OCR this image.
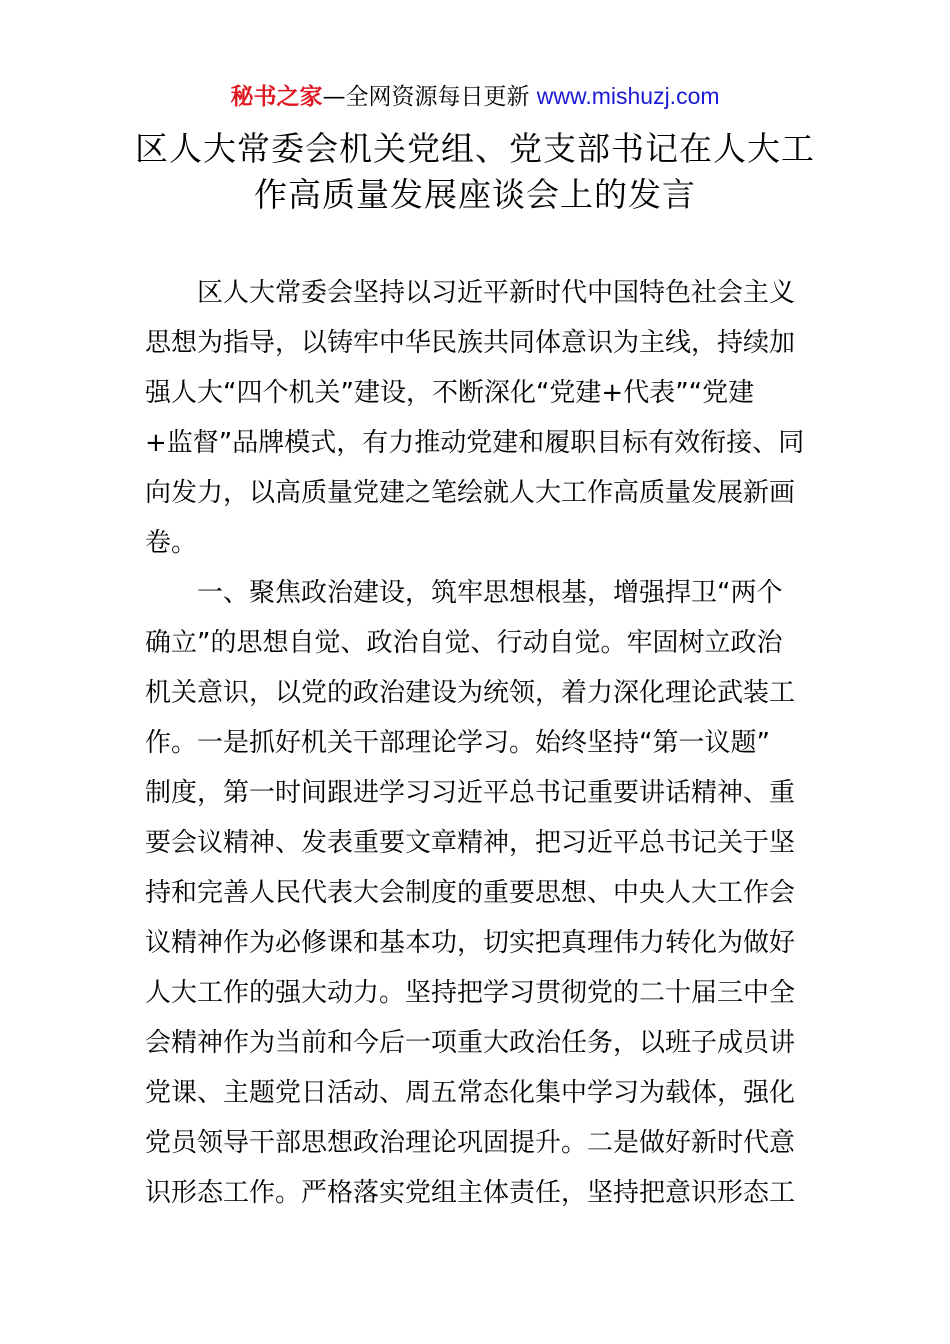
秘书之家—全网资源每日更新 www.mishuzj.com
区人大常委会机关党组、党支部书记在人大工
作高质量发展座谈会上的发言
区人大常委会坚持以习近平新时代中国特色社会主义
思想为指导，以铸牢中华民族共同体意识为主线，持续加
强人大“四个机关”建设，不断深化“党建+代表”“党建
+监督”品牌模式，有力推动党建和履职目标有效衔接、同
向发力，以高质量党建之笔绘就人大工作高质量发展新画
卷。
一、聚焦政治建设，筑牢思想根基，增强捍卫“两个
确立”的思想自觉、政治自觉、行动自觉。牢固树立政治
机关意识，以党的政治建设为统领，着力深化理论武装工
作。一是抓好机关干部理论学习。始终坚持“第一议题”
制度，第一时间跟进学习习近平总书记重要讲话精神、重
要会议精神、发表重要文章精神，把习近平总书记关于坚
持和完善人民代表大会制度的重要思想、中央人大工作会
议精神作为必修课和基本功，切实把真理伟力转化为做好
人大工作的强大动力。坚持把学习贯彻党的二十届三中全
会精神作为当前和今后一项重大政治任务，以班子成员讲
党课、主题党日活动、周五常态化集中学习为载体，强化
党员领导干部思想政治理论巩固提升。二是做好新时代意
识形态工作。严格落实党组主体责任，坚持把意识形态工
